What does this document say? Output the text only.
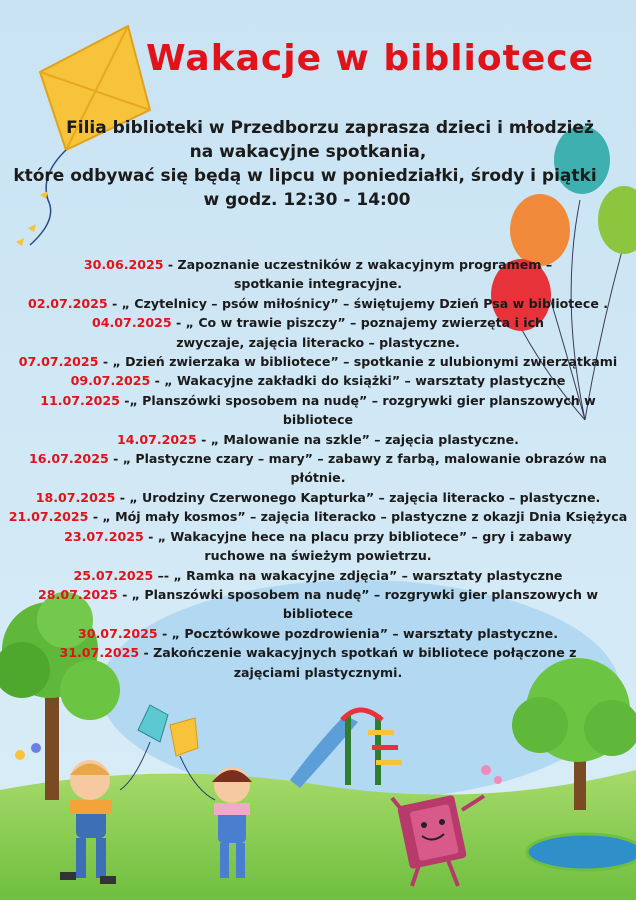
Wakacje w bibliotece
Filia biblioteki w Przedborzu zaprasza dzieci i młodzież
na wakacyjne spotkania,
które odbywać się będą w lipcu w poniedziałki, środy i piątki
w godz. 12:30 - 14:00
30.06.2025 - Zapoznanie uczestników z wakacyjnym programem – spotkanie integracyjne.
02.07.2025 - „ Czytelnicy – psów miłośnicy” – świętujemy Dzień Psa w bibliotece .
04.07.2025 - „ Co w trawie piszczy” – poznajemy zwierzęta i ich zwyczaje, zajęcia literacko – plastyczne.
07.07.2025 - „ Dzień zwierzaka w bibliotece” – spotkanie z ulubionymi zwierzątkami
09.07.2025 - „ Wakacyjne zakładki do książki” – warsztaty plastyczne
11.07.2025 -„ Planszówki sposobem na nudę” – rozgrywki gier planszowych w bibliotece
14.07.2025 - „ Malowanie na szkle” – zajęcia plastyczne.
16.07.2025 - „ Plastyczne czary – mary” – zabawy z farbą, malowanie obrazów na płótnie.
18.07.2025 - „ Urodziny Czerwonego Kapturka” – zajęcia literacko – plastyczne.
21.07.2025 - „ Mój mały kosmos” – zajęcia literacko – plastyczne z okazji Dnia Księżyca
23.07.2025 - „ Wakacyjne hece na placu przy bibliotece” – gry i zabawy ruchowe na świeżym powietrzu.
25.07.2025 –- „ Ramka na wakacyjne zdjęcia” – warsztaty plastyczne
28.07.2025 - „ Planszówki sposobem na nudę” – rozgrywki gier planszowych w bibliotece
30.07.2025 - „ Pocztówkowe pozdrowienia” – warsztaty plastyczne.
31.07.2025 - Zakończenie wakacyjnych spotkań w bibliotece połączone z zajęciami plastycznymi.
